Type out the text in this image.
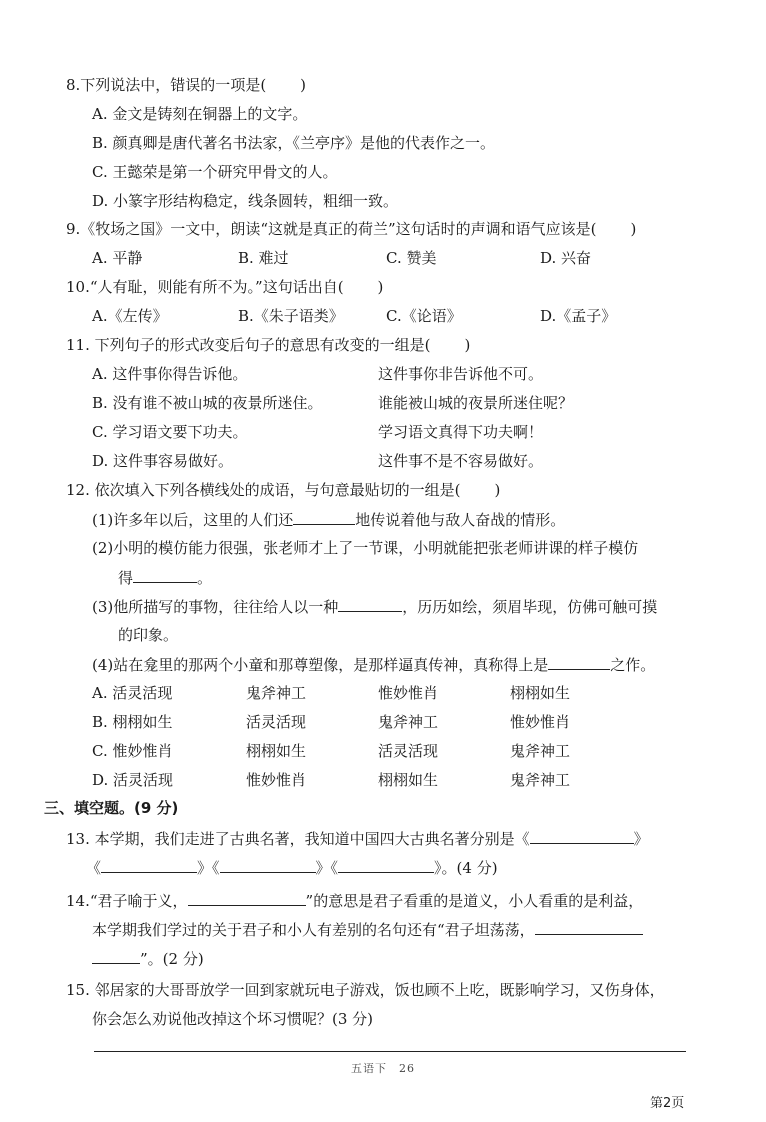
8.下列说法中，错误的一项是( )
A. 金文是铸刻在铜器上的文字。
B. 颜真卿是唐代著名书法家，《兰亭序》是他的代表作之一。
C. 王懿荣是第一个研究甲骨文的人。
D. 小篆字形结构稳定，线条圆转，粗细一致。
9.《牧场之国》一文中，朗读“这就是真正的荷兰”这句话时的声调和语气应该是( )
A. 平静	B. 难过	C. 赞美	D. 兴奋
10.“人有耻，则能有所不为。”这句话出自( )
A.《左传》	B.《朱子语类》	C.《论语》	D.《孟子》
11. 下列句子的形式改变后句子的意思有改变的一组是( )
A. 这件事你得告诉他。	这件事你非告诉他不可。
B. 没有谁不被山城的夜景所迷住。	谁能被山城的夜景所迷住呢？
C. 学习语文要下功夫。	学习语文真得下功夫啊！
D. 这件事容易做好。	这件事不是不容易做好。
12. 依次填入下列各横线处的成语，与句意最贴切的一组是( )
(1)许多年以后，这里的人们还	地传说着他与敌人奋战的情形。
(2)小明的模仿能力很强，张老师才上了一节课，小明就能把张老师讲课的样子模仿
得	。
(3)他所描写的事物，往往给人以一种	，历历如绘，须眉毕现，仿佛可触可摸
的印象。
(4)站在龛里的那两个小童和那尊塑像，是那样逼真传神，真称得上是	之作。
A. 活灵活现	鬼斧神工	惟妙惟肖	栩栩如生
B. 栩栩如生	活灵活现	鬼斧神工	惟妙惟肖
C. 惟妙惟肖	栩栩如生	活灵活现	鬼斧神工
D. 活灵活现	惟妙惟肖	栩栩如生	鬼斧神工
三、填空题。(9 分)
13. 本学期，我们走进了古典名著，我知道中国四大古典名著分别是《	》
《	》《	》《	》。(4 分)
14.“君子喻于义，	”的意思是君子看重的是道义，小人看重的是利益，
本学期我们学过的关于君子和小人有差别的名句还有“君子坦荡荡，
”。(2 分)
15. 邻居家的大哥哥放学一回到家就玩电子游戏，饭也顾不上吃，既影响学习，又伤身体，
你会怎么劝说他改掉这个坏习惯呢？(3 分)
五语下　26
第2页
